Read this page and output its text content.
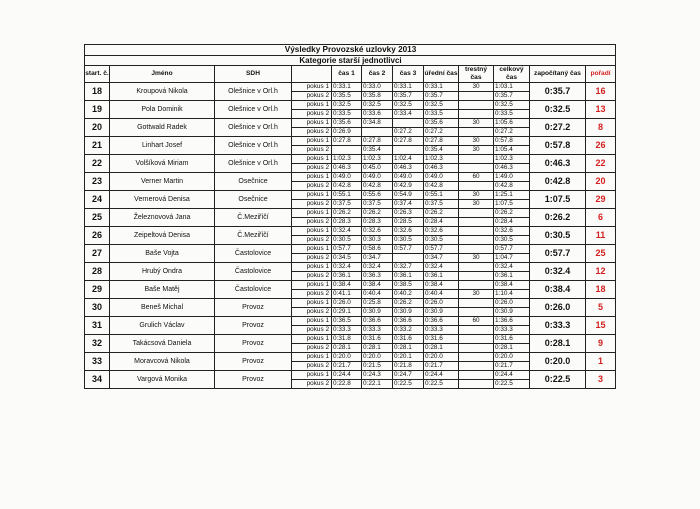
Výsledky Provozské uzlovky 2013											
Kategorie starší jednotlivci											
start. č.	Jméno	SDH		čas 1	čas 2	čas 3	úřední čas	trestný čas	celkový čas	započítaný čas	pořadí
18	Kroupová Nikola	Olešnice v Orl.h	pokus 1	0:33.1	0:33.0	0:33.1	0:33.1	30	1:03.1	0:35.7	16
			pokus 2	0:35.5	0:35.8	0:35.7	0:35.7		0:35.7		
19	Pola Dominik	Olešnice v Orl.h	pokus 1	0:32.5	0:32.5	0:32.5	0:32.5		0:32.5	0:32.5	13
			pokus 2	0:33.5	0:33.6	0:33.4	0:33.5		0:33.5		
20	Gottwald Radek	Olešnice v Orl.h	pokus 1	0:35.6	0:34.8		0:35.6	30	1:05.6	0:27.2	8
			pokus 2	0:26.9		0:27.2	0:27.2		0:27.2		
21	Linhart Josef	Olešnice v Orl.h	pokus 1	0:27.8	0:27.8	0:27.8	0:27.8	30	0:57.8	0:57.8	26
			pokus 2		0:35.4		0:35.4	30	1:05.4		
22	Volšíková Miriam	Olešnice v Orl.h	pokus 1	1:02.3	1:02.3	1:02.4	1:02.3		1:02.3	0:46.3	22
			pokus 2	0:46.3	0:45.0	0:46.3	0:46.3		0:46.3		
23	Verner Martin	Osečnice	pokus 1	0:49.0	0:49.0	0:49.0	0:49.0	60	1:49.0	0:42.8	20
			pokus 2	0:42.8	0:42.8	0:42.9	0:42.8		0:42.8		
24	Vernerová Denisa	Osečnice	pokus 1	0:55.1	0:55.6	0:54.9	0:55.1	30	1:25.1	1:07.5	29
			pokus 2	0:37.5	0:37.5	0:37.4	0:37.5	30	1:07.5		
25	Železnovová Jana	Č.Meziříčí	pokus 1	0:26.2	0:26.2	0:26.3	0:26.2		0:26.2	0:26.2	6
			pokus 2	0:28.3	0:28.3	0:28.5	0:28.4		0:28.4		
26	Zeipeltová Denisa	Č.Meziříčí	pokus 1	0:32.4	0:32.6	0:32.6	0:32.6		0:32.6	0:30.5	11
			pokus 2	0:30.5	0:30.3	0:30.5	0:30.5		0:30.5		
27	Baše Vojta	Častolovice	pokus 1	0:57.7	0:58.6	0:57.7	0:57.7		0:57.7	0:57.7	25
			pokus 2	0:34.5	0:34.7		0:34.7	30	1:04.7		
28	Hrubý Ondra	Častolovice	pokus 1	0:32.4	0:32.4	0:32.7	0:32.4		0:32.4	0:32.4	12
			pokus 2	0:36.1	0:36.3	0:36.1	0:36.1		0:36.1		
29	Baše Matěj	Častolovice	pokus 1	0:38.4	0:38.4	0:38.5	0:38.4		0:38.4	0:38.4	18
			pokus 2	0:41.1	0:40.4	0:40.2	0:40.4	30	1:10.4		
30	Beneš Michal	Provoz	pokus 1	0:26.0	0:25.8	0:26.2	0:26.0		0:26.0	0:26.0	5
			pokus 2	0:29.1	0:30.9	0:30.9	0:30.9		0:30.9		
31	Grulich Václav	Provoz	pokus 1	0:36.5	0:36.6	0:36.6	0:36.6	60	1:36.6	0:33.3	15
			pokus 2	0:33.3	0:33.3	0:33.2	0:33.3		0:33.3		
32	Takácsová Daniela	Provoz	pokus 1	0:31.8	0:31.6	0:31.6	0:31.6		0:31.6	0:28.1	9
			pokus 2	0:28.1	0:28.1	0:28.1	0:28.1		0:28.1		
33	Moravcová Nikola	Provoz	pokus 1	0:20.0	0:20.0	0:20.1	0:20.0		0:20.0	0:20.0	1
			pokus 2	0:21.7	0:21.5	0:21.8	0:21.7		0:21.7		
34	Vargová Monika	Provoz	pokus 1	0:24.4	0:24.3	0:24.7	0:24.4		0:24.4	0:22.5	3
			pokus 2	0:22.8	0:22.1	0:22.5	0:22.5		0:22.5		
